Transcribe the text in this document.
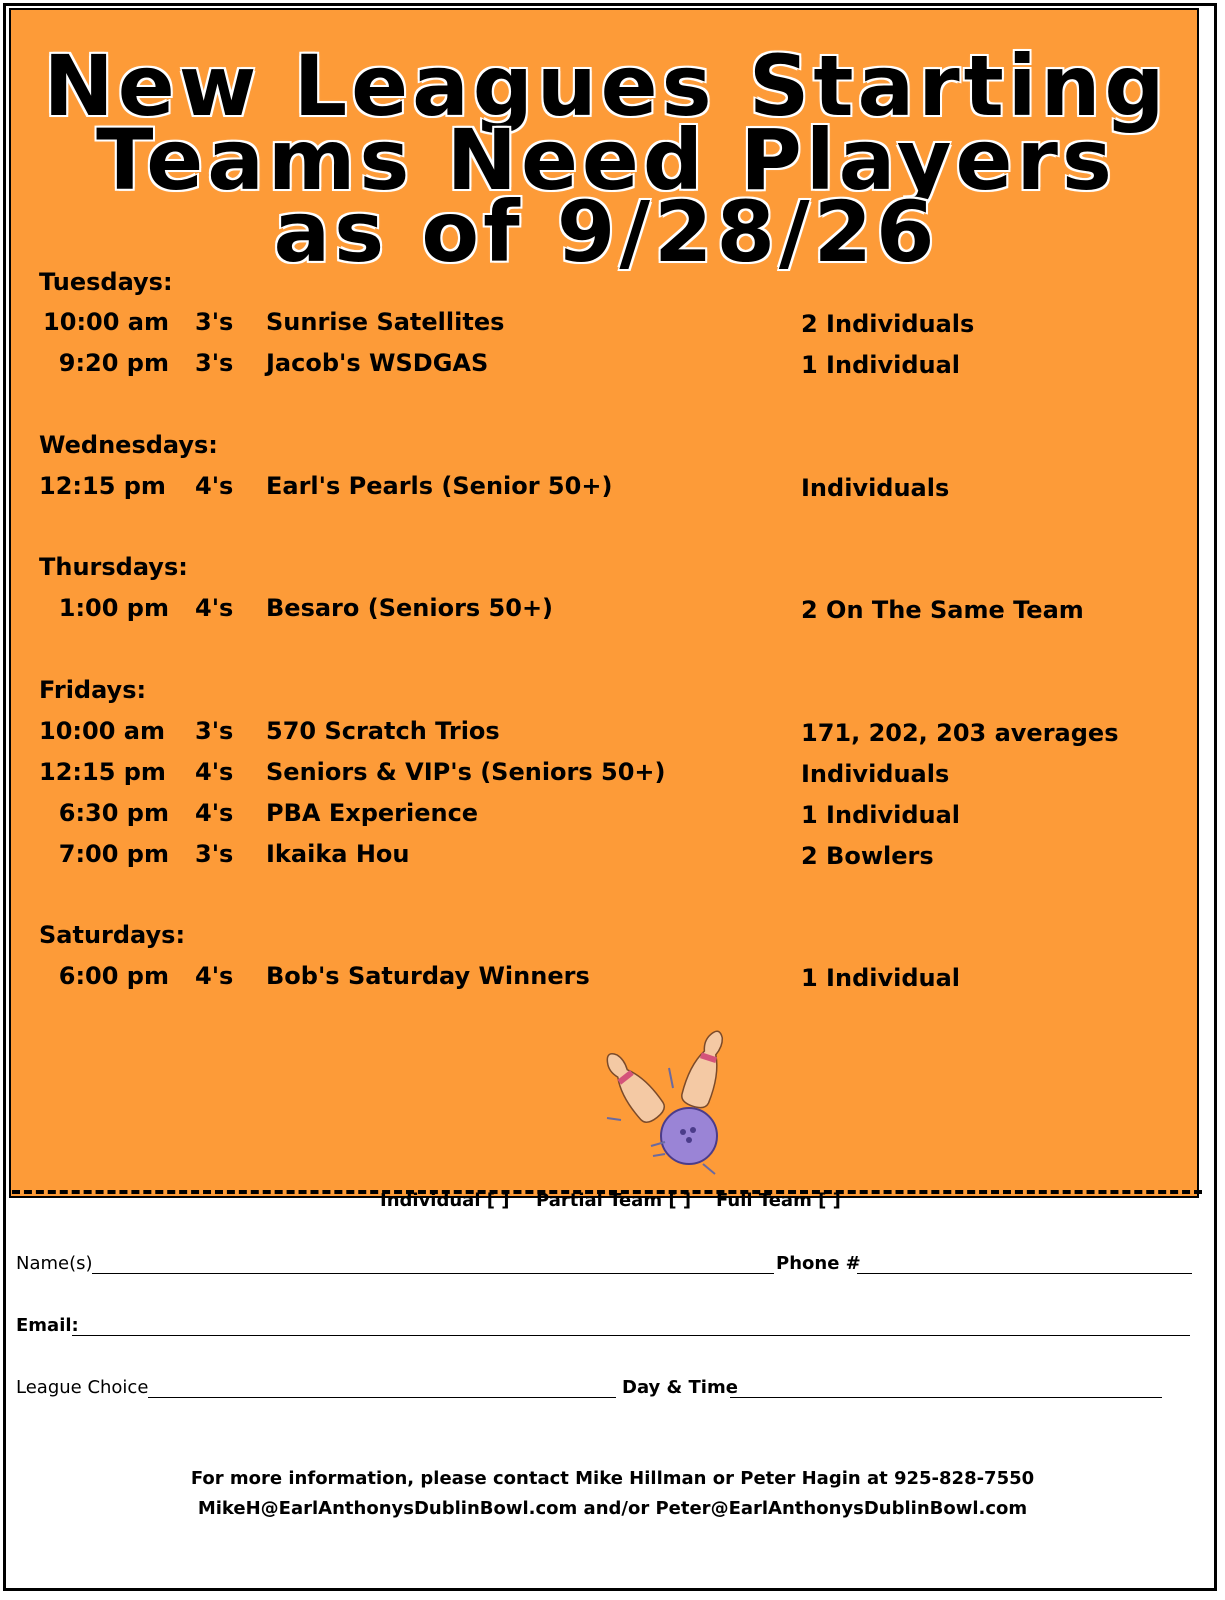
New Leagues Starting
Teams Need Players
as of 9/28/26
Tuesdays:
10:00 am 3's Sunrise Satellites	2 Individuals
9:20 pm 3's Jacob's WSDGAS	1 Individual
Wednesdays:
12:15 pm 4's Earl's Pearls (Senior 50+)	Individuals
Thursdays:
1:00 pm 4's Besaro (Seniors 50+)	2 On The Same Team
Fridays:
10:00 am 3's 570 Scratch Trios	171, 202, 203 averages
12:15 pm 4's Seniors & VIP's (Seniors 50+)	Individuals
6:30 pm 4's PBA Experience	1 Individual
7:00 pm 3's Ikaika Hou	2 Bowlers
Saturdays:
6:00 pm 4's Bob's Saturday Winners	1 Individual
Individual [ ] Partial Team [ ] Full Team [ ]
Name(s)	Phone #
Email:
League Choice	Day & Time
For more information, please contact Mike Hillman or Peter Hagin at 925-828-7550
MikeH@EarlAnthonysDublinBowl.com and/or Peter@EarlAnthonysDublinBowl.com
